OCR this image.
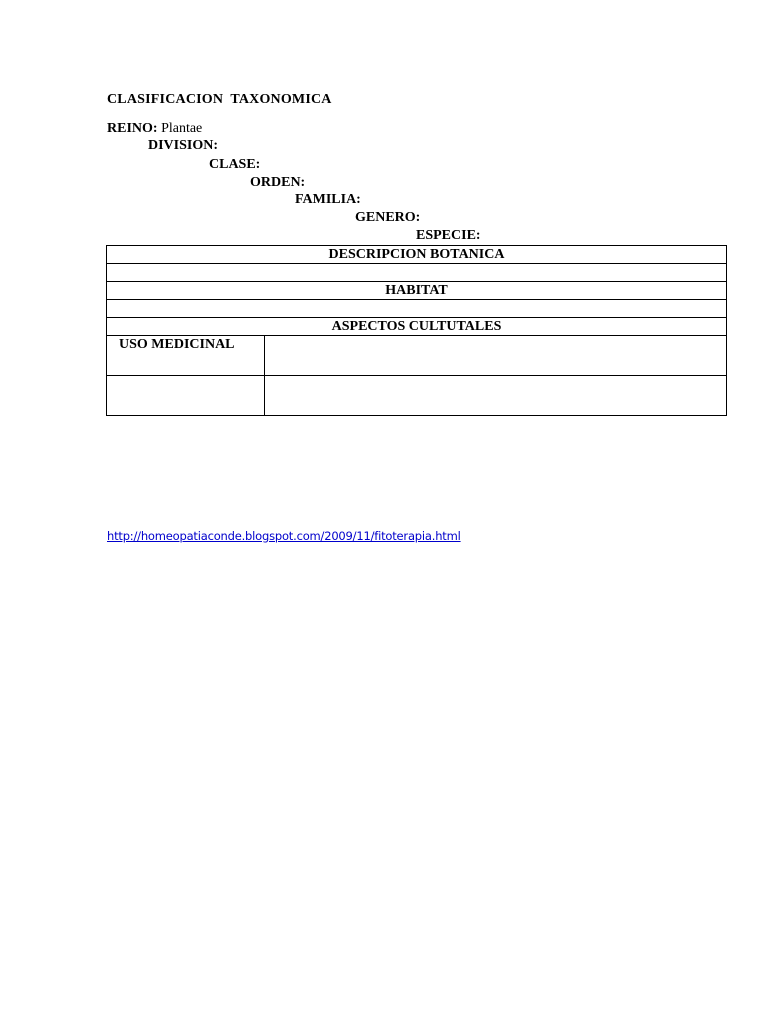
CLASIFICACION  TAXONOMICA
REINO: Plantae
DIVISION:
CLASE:
ORDEN:
FAMILIA:
GENERO:
ESPECIE:
DESCRIPCION BOTANICA	

HABITAT	

ASPECTOS CULTUTALES	
USO MEDICINAL	

http://homeopatiaconde.blogspot.com/2009/11/fitoterapia.html
